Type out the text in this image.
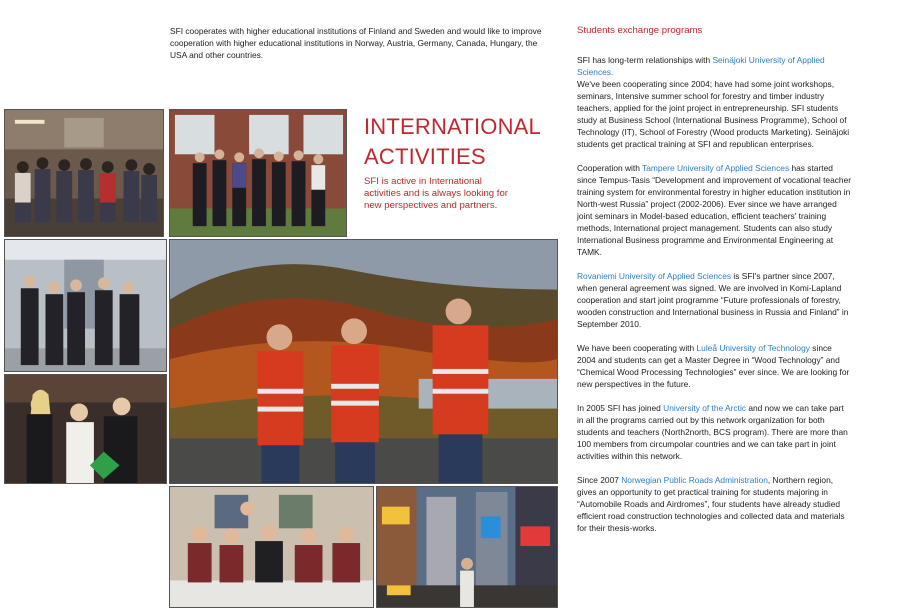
SFI cooperates with higher educational institutions of Finland and Sweden and would like to improve cooperation with higher educational institutions in Norway, Austria, Germany, Canada, Hungary, the USA and other countries.
INTERNATIONAL
ACTIVITIES
SFI is active in International activities and is always looking for new perspectives and partners.
Students exchange programs

SFI has long-term relationships with Seinäjoki University of Applied Sciences.
We've been cooperating since 2004; have had some joint workshops, seminars, Intensive summer school for forestry and timber industry teachers, applied for the joint project in entrepreneurship. SFI students study at Business School (International Business Programme), School of Technology (IT), School of Forestry (Wood products Marketing). Seinäjoki students get practical training at SFI and republican enterprises.

Cooperation with Tampere University of Applied Sciences has started since Tempus-Tasis “Development and improvement of vocational teacher training system for environmental forestry in higher education institution in North-west Russia” project (2002-2006). Ever since we have arranged joint seminars in Model-based education, efficient teachers' training methods, International project management. Students can also study International Business programme and Environmental Engineering at TAMK.

Rovaniemi University of Applied Sciences is SFI's partner since 2007, when general agreement was signed. We are involved in Komi-Lapland cooperation and start joint programme “Future professionals of forestry, wooden construction and International business in Russia and Finland” in September 2010.

We have been cooperating with Luleå University of Technology since 2004 and students can get a Master Degree in “Wood Technology” and “Chemical Wood Processing Technologies” ever since. We are looking for new perspectives in the future.

In 2005 SFI has joined University of the Arctic and now we can take part in all the programs carried out by this network organization for both students and teachers (North2north, BCS program). There are more than 100 members from circumpolar countries and we can take part in joint activities within this network.

Since 2007 Norwegian Public Roads Administration, Northern region, gives an opportunity to get practical training for students majoring in “Automobile Roads and Airdromes”, four students have already studied efficient road construction technologies and collected data and materials for their thesis-works.
